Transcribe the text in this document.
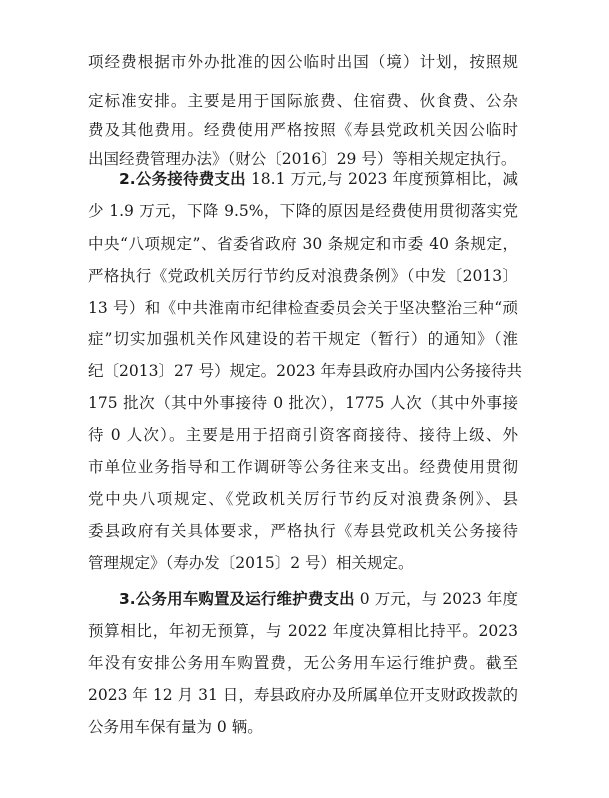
项经费根据市外办批准的因公临时出国（境）计划，按照规
定标准安排。主要是用于国际旅费、住宿费、伙食费、公杂
费及其他费用。经费使用严格按照《寿县党政机关因公临时
出国经费管理办法》（财公〔2016〕29 号）等相关规定执行。
2.公务接待费支出 18.1 万元,与 2023 年度预算相比，减
少 1.9 万元，下降 9.5%，下降的原因是经费使用贯彻落实党
中央“八项规定”、省委省政府 30 条规定和市委 40 条规定，
严格执行《党政机关厉行节约反对浪费条例》（中发〔2013〕
13 号）和《中共淮南市纪律检查委员会关于坚决整治三种“顽
症”切实加强机关作风建设的若干规定（暂行）的通知》（淮
纪〔2013〕27 号）规定。2023 年寿县政府办国内公务接待共
175 批次（其中外事接待 0 批次），1775 人次（其中外事接
待 0 人次）。主要是用于招商引资客商接待、接待上级、外
市单位业务指导和工作调研等公务往来支出。经费使用贯彻
党中央八项规定、《党政机关厉行节约反对浪费条例》、县
委县政府有关具体要求，严格执行《寿县党政机关公务接待
管理规定》（寿办发〔2015〕2 号）相关规定。
3.公务用车购置及运行维护费支出 0 万元，与 2023 年度
预算相比，年初无预算，与 2022 年度决算相比持平。2023
年没有安排公务用车购置费，无公务用车运行维护费。截至
2023 年 12 月 31 日，寿县政府办及所属单位开支财政拨款的
公务用车保有量为 0 辆。
